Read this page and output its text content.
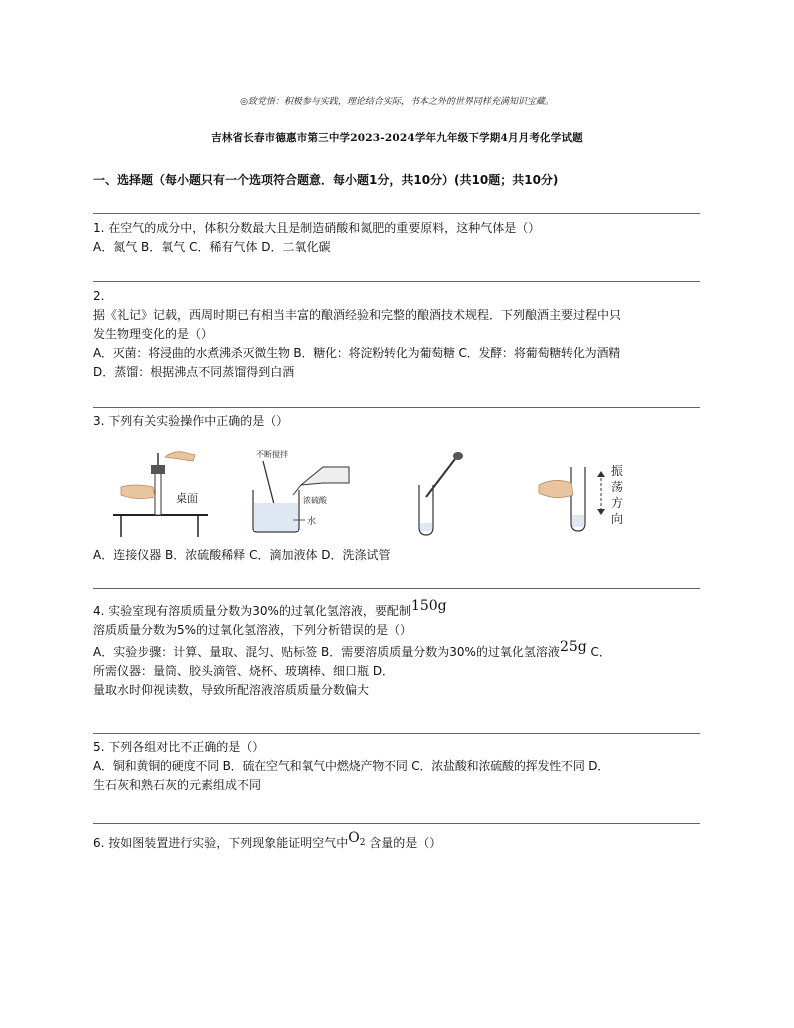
◎致党悟：积极参与实践，理论结合实际，书本之外的世界同样充满知识宝藏。
吉林省长春市德惠市第三中学2023-2024学年九年级下学期4月月考化学试题
一、选择题（每小题只有一个选项符合题意．每小题1分，共10分）(共10题；共10分)

1. 在空气的成分中，体积分数最大且是制造硝酸和氮肥的重要原料，这种气体是（）

A．氮气 B．氧气 C．稀有气体 D．二氧化碳

2.

据《礼记》记载，西周时期已有相当丰富的酿酒经验和完整的酿酒技术规程．下列酿酒主要过程中只

发生物理变化的是（）

A．灭菌：将浸曲的水煮沸杀灭微生物 B．糖化：将淀粉转化为葡萄糖 C．发酵：将葡萄糖转化为酒精

D．蒸馏：根据沸点不同蒸馏得到白酒

3. 下列有关实验操作中正确的是（）

桌面
不断搅拌
浓硫酸
水
振
荡
方
向

A．连接仪器 B．浓硫酸稀释 C．滴加液体 D．洗涤试管

4. 实验室现有溶质质量分数为30%的过氧化氢溶液，要配制150g

溶质质量分数为5%的过氧化氢溶液，下列分析错误的是（）

A．实验步骤：计算、量取、混匀、贴标签 B．需要溶质质量分数为30%的过氧化氢溶液25g C．

所需仪器：量筒、胶头滴管、烧杯、玻璃棒、细口瓶 D．

量取水时仰视读数，导致所配溶液溶质质量分数偏大

5. 下列各组对比不正确的是（）

A．铜和黄铜的硬度不同 B．硫在空气和氧气中燃烧产物不同 C．浓盐酸和浓硫酸的挥发性不同 D．

生石灰和熟石灰的元素组成不同

6. 按如图装置进行实验，下列现象能证明空气中$O_2$ 含量的是（）
